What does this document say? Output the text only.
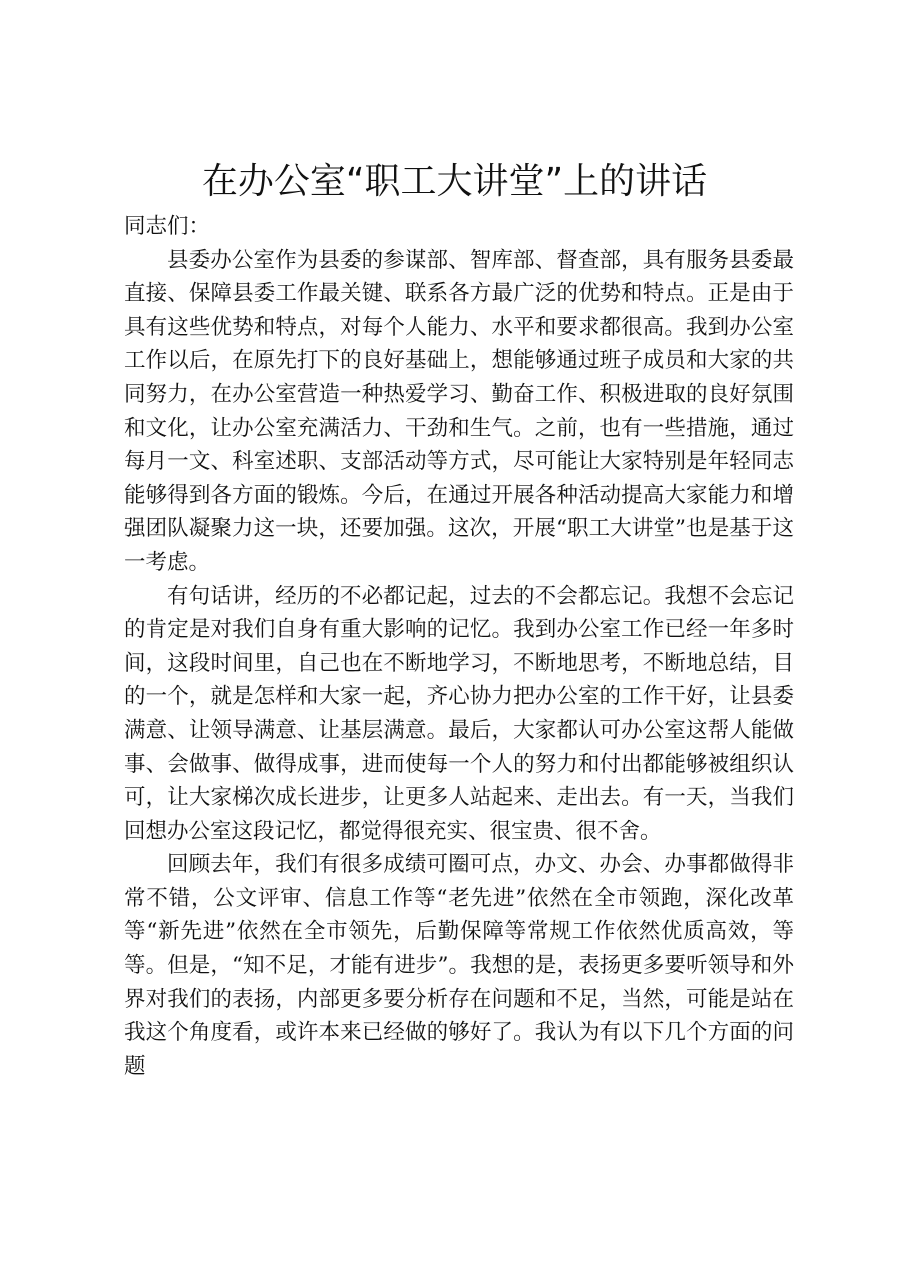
在办公室“职工大讲堂”上的讲话

同志们：

县委办公室作为县委的参谋部、智库部、督查部，具有服务县委最直接、保障县委工作最关键、联系各方最广泛的优势和特点。正是由于具有这些优势和特点，对每个人能力、水平和要求都很高。我到办公室工作以后，在原先打下的良好基础上，想能够通过班子成员和大家的共同努力，在办公室营造一种热爱学习、勤奋工作、积极进取的良好氛围和文化，让办公室充满活力、干劲和生气。之前，也有一些措施，通过每月一文、科室述职、支部活动等方式，尽可能让大家特别是年轻同志能够得到各方面的锻炼。今后，在通过开展各种活动提高大家能力和增强团队凝聚力这一块，还要加强。这次，开展“职工大讲堂”也是基于这一考虑。

有句话讲，经历的不必都记起，过去的不会都忘记。我想不会忘记的肯定是对我们自身有重大影响的记忆。我到办公室工作已经一年多时间，这段时间里，自己也在不断地学习，不断地思考，不断地总结，目的一个，就是怎样和大家一起，齐心协力把办公室的工作干好，让县委满意、让领导满意、让基层满意。最后，大家都认可办公室这帮人能做事、会做事、做得成事，进而使每一个人的努力和付出都能够被组织认可，让大家梯次成长进步，让更多人站起来、走出去。有一天，当我们回想办公室这段记忆，都觉得很充实、很宝贵、很不舍。

回顾去年，我们有很多成绩可圈可点，办文、办会、办事都做得非常不错，公文评审、信息工作等“老先进”依然在全市领跑，深化改革等“新先进”依然在全市领先，后勤保障等常规工作依然优质高效，等等。但是，“知不足，才能有进步”。我想的是，表扬更多要听领导和外界对我们的表扬，内部更多要分析存在问题和不足，当然，可能是站在我这个角度看，或许本来已经做的够好了。我认为有以下几个方面的问题
